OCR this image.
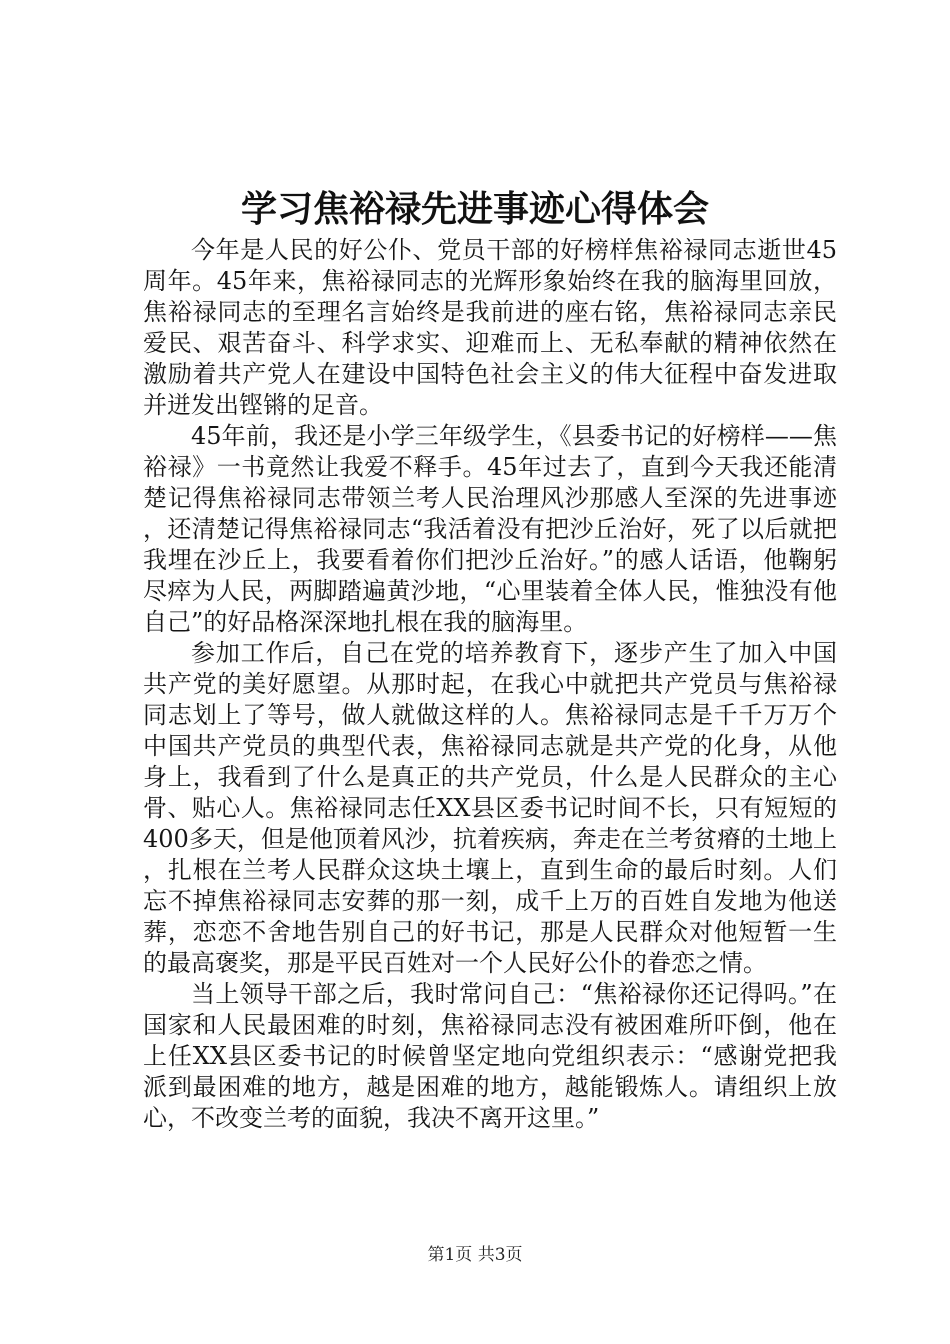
学习焦裕禄先进事迹心得体会

今年是人民的好公仆、党员干部的好榜样焦裕禄同志逝世45周年。45年来，焦裕禄同志的光辉形象始终在我的脑海里回放，焦裕禄同志的至理名言始终是我前进的座右铭，焦裕禄同志亲民爱民、艰苦奋斗、科学求实、迎难而上、无私奉献的精神依然在激励着共产党人在建设中国特色社会主义的伟大征程中奋发进取并迸发出铿锵的足音。

45年前，我还是小学三年级学生，《县委书记的好榜样——焦裕禄》一书竟然让我爱不释手。45年过去了，直到今天我还能清楚记得焦裕禄同志带领兰考人民治理风沙那感人至深的先进事迹，还清楚记得焦裕禄同志“我活着没有把沙丘治好，死了以后就把我埋在沙丘上，我要看着你们把沙丘治好。”的感人话语，他鞠躬尽瘁为人民，两脚踏遍黄沙地，“心里装着全体人民，惟独没有他自己”的好品格深深地扎根在我的脑海里。

参加工作后，自己在党的培养教育下，逐步产生了加入中国共产党的美好愿望。从那时起，在我心中就把共产党员与焦裕禄同志划上了等号，做人就做这样的人。焦裕禄同志是千千万万个中国共产党员的典型代表，焦裕禄同志就是共产党的化身，从他身上，我看到了什么是真正的共产党员，什么是人民群众的主心骨、贴心人。焦裕禄同志任XX县区委书记时间不长，只有短短的400多天，但是他顶着风沙，抗着疾病，奔走在兰考贫瘠的土地上，扎根在兰考人民群众这块土壤上，直到生命的最后时刻。人们忘不掉焦裕禄同志安葬的那一刻，成千上万的百姓自发地为他送葬，恋恋不舍地告别自己的好书记，那是人民群众对他短暂一生的最高褒奖，那是平民百姓对一个人民好公仆的眷恋之情。

当上领导干部之后，我时常问自己：“焦裕禄你还记得吗。”在国家和人民最困难的时刻，焦裕禄同志没有被困难所吓倒，他在上任XX县区委书记的时候曾坚定地向党组织表示：“感谢党把我派到最困难的地方，越是困难的地方，越能锻炼人。请组织上放心，不改变兰考的面貌，我决不离开这里。”

第1页 共3页
